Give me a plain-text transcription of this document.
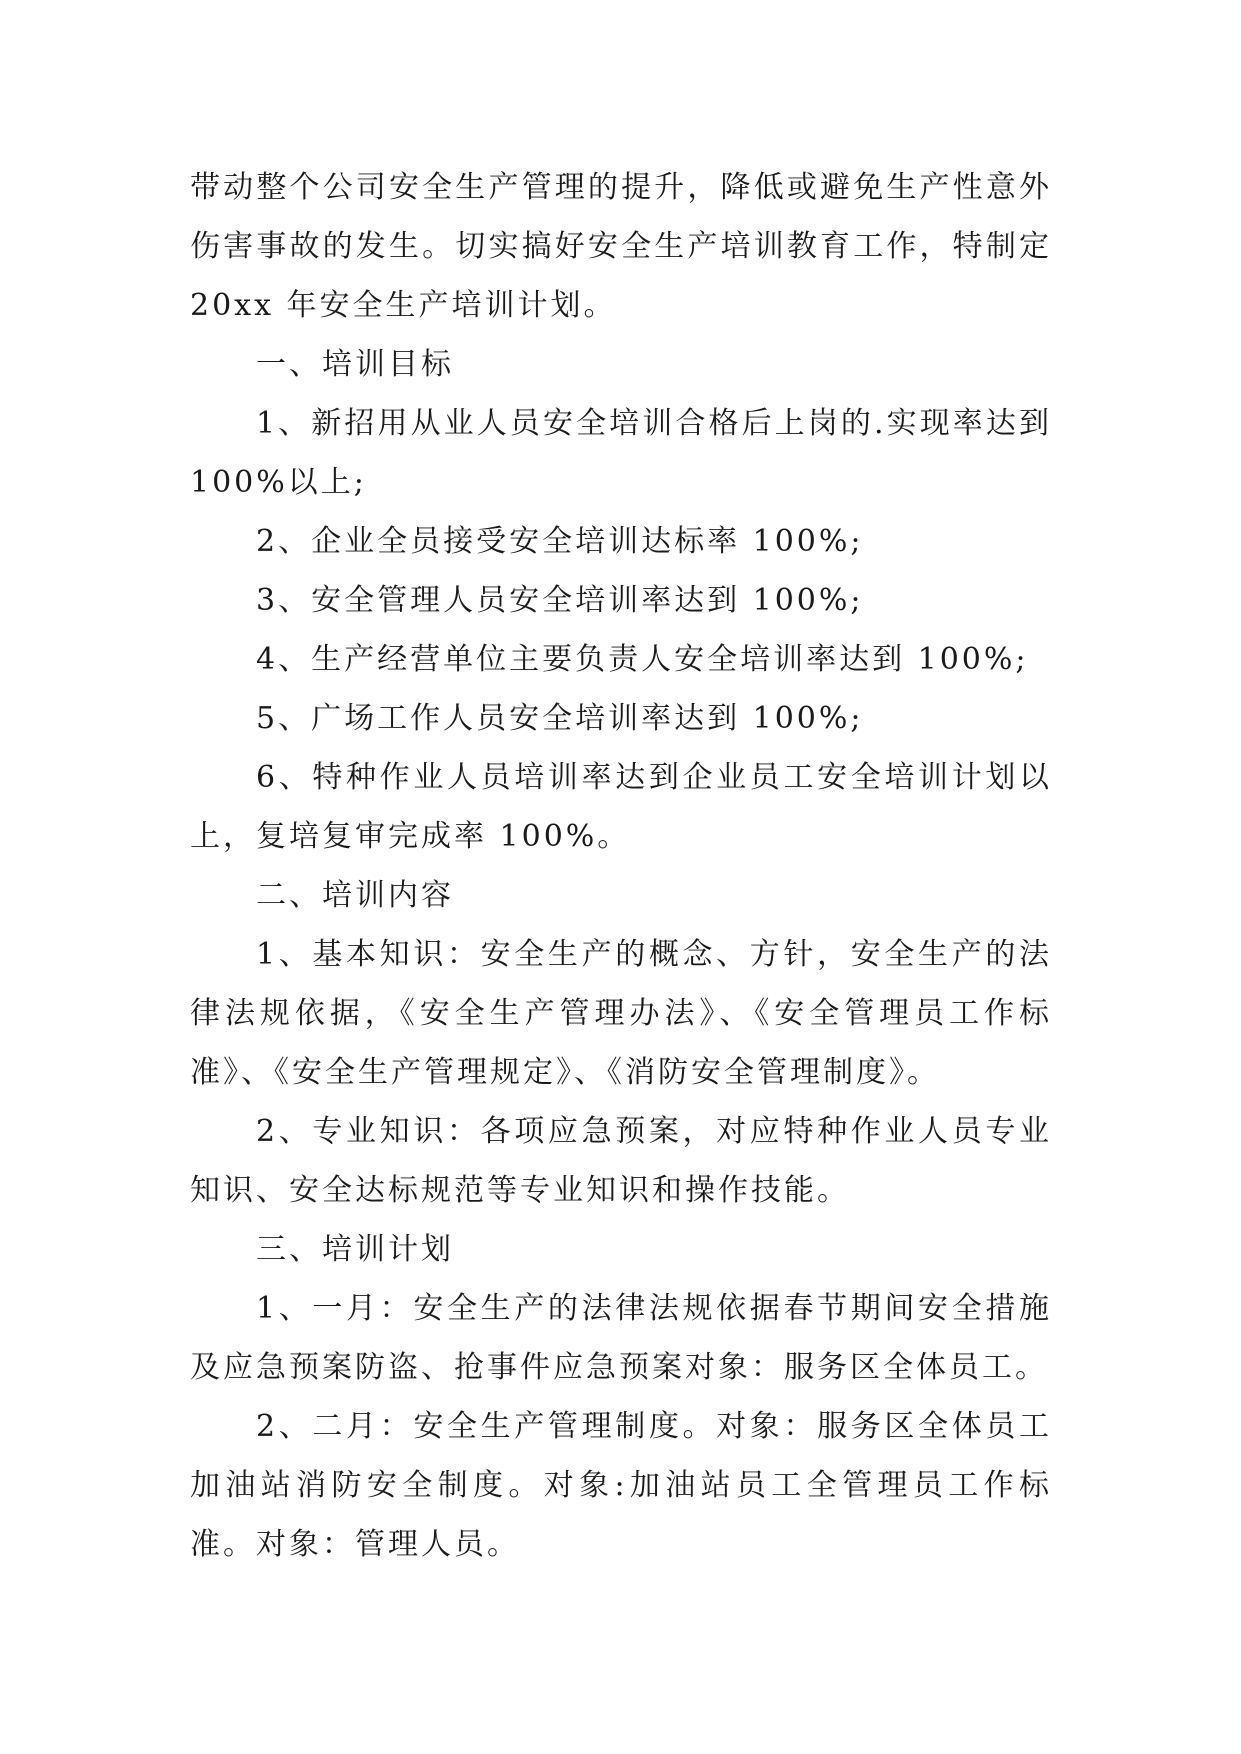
带动整个公司安全生产管理的提升，降低或避免生产性意外伤害事故的发生。切实搞好安全生产培训教育工作，特制定20xx 年安全生产培训计划。

一、培训目标

1、新招用从业人员安全培训合格后上岗的.实现率达到100%以上;

2、企业全员接受安全培训达标率 100%;

3、安全管理人员安全培训率达到 100%;

4、生产经营单位主要负责人安全培训率达到 100%;

5、广场工作人员安全培训率达到 100%;

6、特种作业人员培训率达到企业员工安全培训计划以上，复培复审完成率 100%。

二、培训内容

1、基本知识：安全生产的概念、方针，安全生产的法律法规依据，《安全生产管理办法》、《安全管理员工作标准》、《安全生产管理规定》、《消防安全管理制度》。

2、专业知识：各项应急预案，对应特种作业人员专业知识、安全达标规范等专业知识和操作技能。

三、培训计划

1、一月：安全生产的法律法规依据春节期间安全措施及应急预案防盗、抢事件应急预案对象：服务区全体员工。

2、二月：安全生产管理制度。对象：服务区全体员工加油站消防安全制度。对象:加油站员工全管理员工作标准。对象：管理人员。
